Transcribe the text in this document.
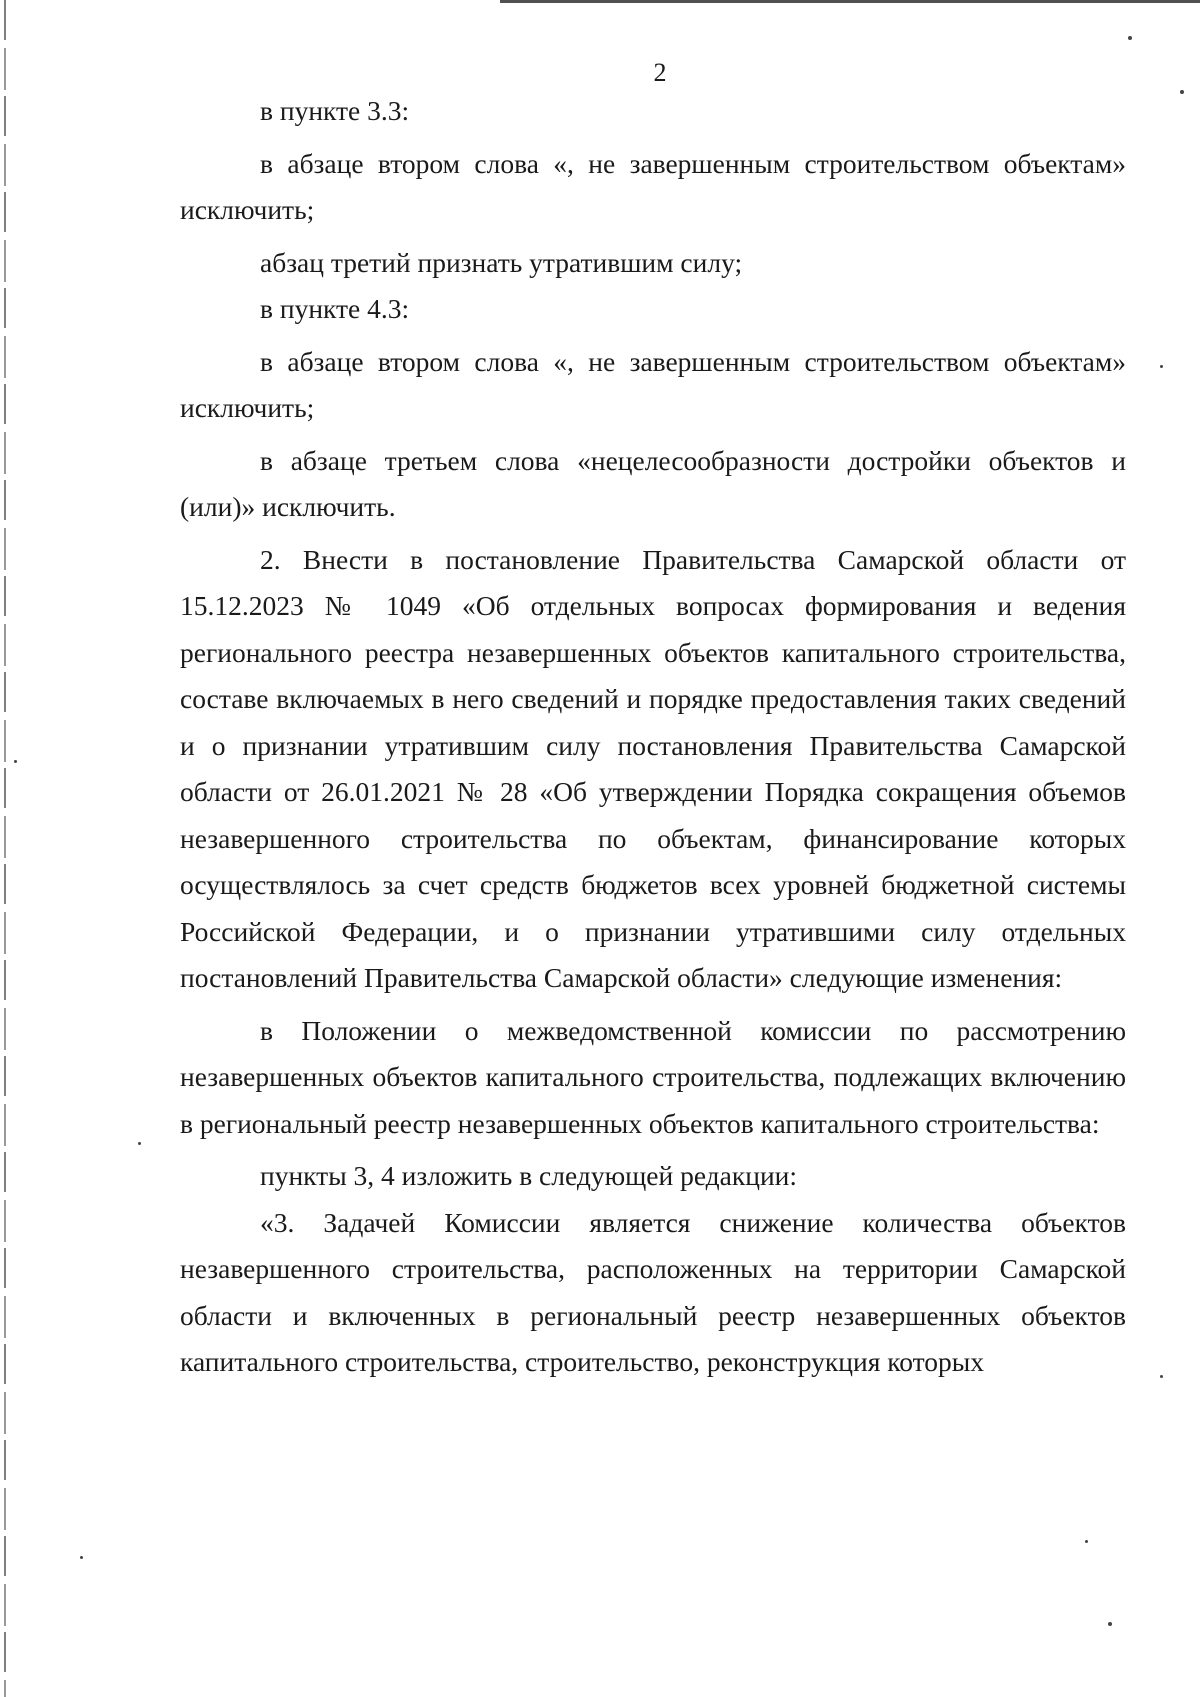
2

в пункте 3.3:

в абзаце втором слова «, не завершенным строительством объектам» исключить;

абзац третий признать утратившим силу;

в пункте 4.3:

в абзаце втором слова «, не завершенным строительством объектам» исключить;

в абзаце третьем слова «нецелесообразности достройки объектов и (или)» исключить.

2. Внести в постановление Правительства Самарской области от 15.12.2023 № 1049 «Об отдельных вопросах формирования и ведения регионального реестра незавершенных объектов капитального строительства, составе включаемых в него сведений и порядке предоставления таких сведений и о признании утратившим силу постановления Правительства Самарской области от 26.01.2021 № 28 «Об утверждении Порядка сокращения объемов незавершенного строительства по объектам, финансирование которых осуществлялось за счет средств бюджетов всех уровней бюджетной системы Российской Федерации, и о признании утратившими силу отдельных постановлений Правительства Самарской области» следующие изменения:

в Положении о межведомственной комиссии по рассмотрению незавершенных объектов капитального строительства, подлежащих включению в региональный реестр незавершенных объектов капитального строительства:

пункты 3, 4 изложить в следующей редакции:

«3. Задачей Комиссии является снижение количества объектов незавершенного строительства, расположенных на территории Самарской области и включенных в региональный реестр незавершенных объектов капитального строительства, строительство, реконструкция которых
